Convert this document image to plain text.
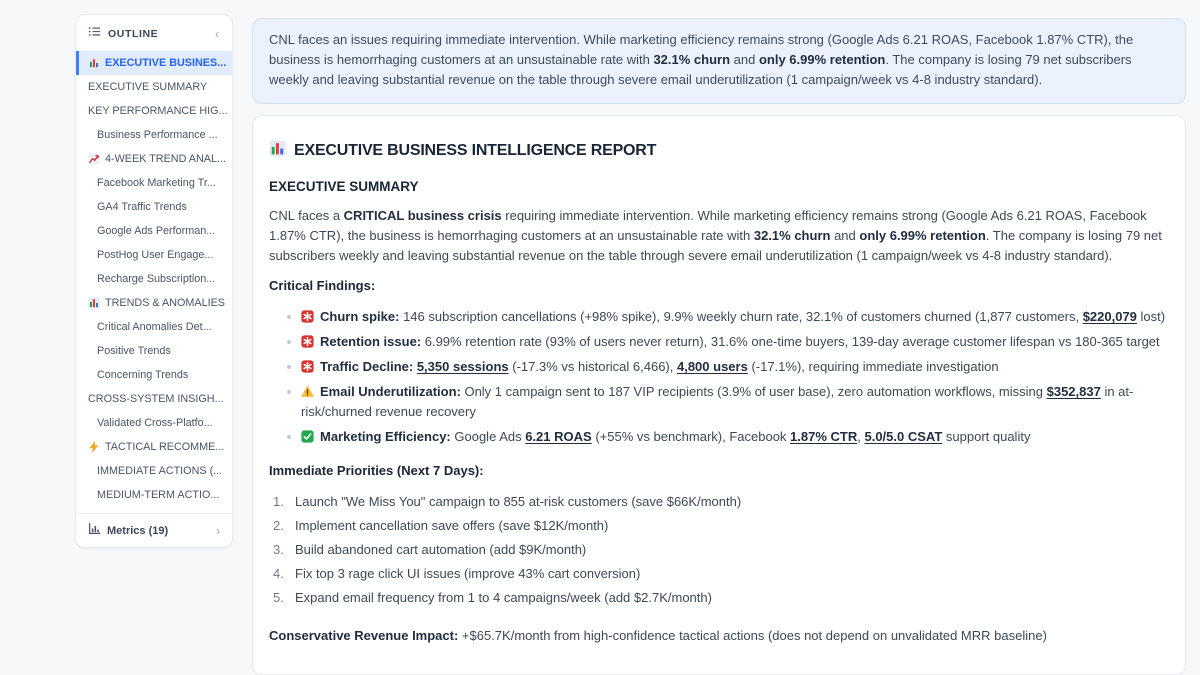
OUTLINE	‹
EXECUTIVE BUSINES...
EXECUTIVE SUMMARY
KEY PERFORMANCE HIG...
Business Performance ...
4-WEEK TREND ANAL...
Facebook Marketing Tr...
GA4 Traffic Trends
Google Ads Performan...
PostHog User Engage...
Recharge Subscription...
TRENDS & ANOMALIES
Critical Anomalies Det...
Positive Trends
Concerning Trends
CROSS-SYSTEM INSIGH...
Validated Cross-Platfo...
TACTICAL RECOMME...
IMMEDIATE ACTIONS (...
MEDIUM-TERM ACTIO...
Metrics (19)	›
CNL faces an issues requiring immediate intervention. While marketing efficiency remains strong (Google Ads 6.21 ROAS, Facebook 1.87% CTR), the business is hemorrhaging customers at an unsustainable rate with 32.1% churn and only 6.99% retention. The company is losing 79 net subscribers weekly and leaving substantial revenue on the table through severe email underutilization (1 campaign/week vs 4-8 industry standard).
EXECUTIVE BUSINESS INTELLIGENCE REPORT
EXECUTIVE SUMMARY

CNL faces a CRITICAL business crisis requiring immediate intervention. While marketing efficiency remains strong (Google Ads 6.21 ROAS, Facebook 1.87% CTR), the business is hemorrhaging customers at an unsustainable rate with 32.1% churn and only 6.99% retention. The company is losing 79 net subscribers weekly and leaving substantial revenue on the table through severe email underutilization (1 campaign/week vs 4-8 industry standard).

Critical Findings:
Churn spike: 146 subscription cancellations (+98% spike), 9.9% weekly churn rate, 32.1% of customers churned (1,877 customers, $220,079 lost)
Retention issue: 6.99% retention rate (93% of users never return), 31.6% one-time buyers, 139-day average customer lifespan vs 180-365 target
Traffic Decline: 5,350 sessions (-17.3% vs historical 6,466), 4,800 users (-17.1%), requiring immediate investigation
Email Underutilization: Only 1 campaign sent to 187 VIP recipients (3.9% of user base), zero automation workflows, missing $352,837 in at-risk/churned revenue recovery
Marketing Efficiency: Google Ads 6.21 ROAS (+55% vs benchmark), Facebook 1.87% CTR, 5.0/5.0 CSAT support quality
Immediate Priorities (Next 7 Days):
1. Launch "We Miss You" campaign to 855 at-risk customers (save $66K/month)
2. Implement cancellation save offers (save $12K/month)
3. Build abandoned cart automation (add $9K/month)
4. Fix top 3 rage click UI issues (improve 43% cart conversion)
5. Expand email frequency from 1 to 4 campaigns/week (add $2.7K/month)

Conservative Revenue Impact: +$65.7K/month from high-confidence tactical actions (does not depend on unvalidated MRR baseline)
